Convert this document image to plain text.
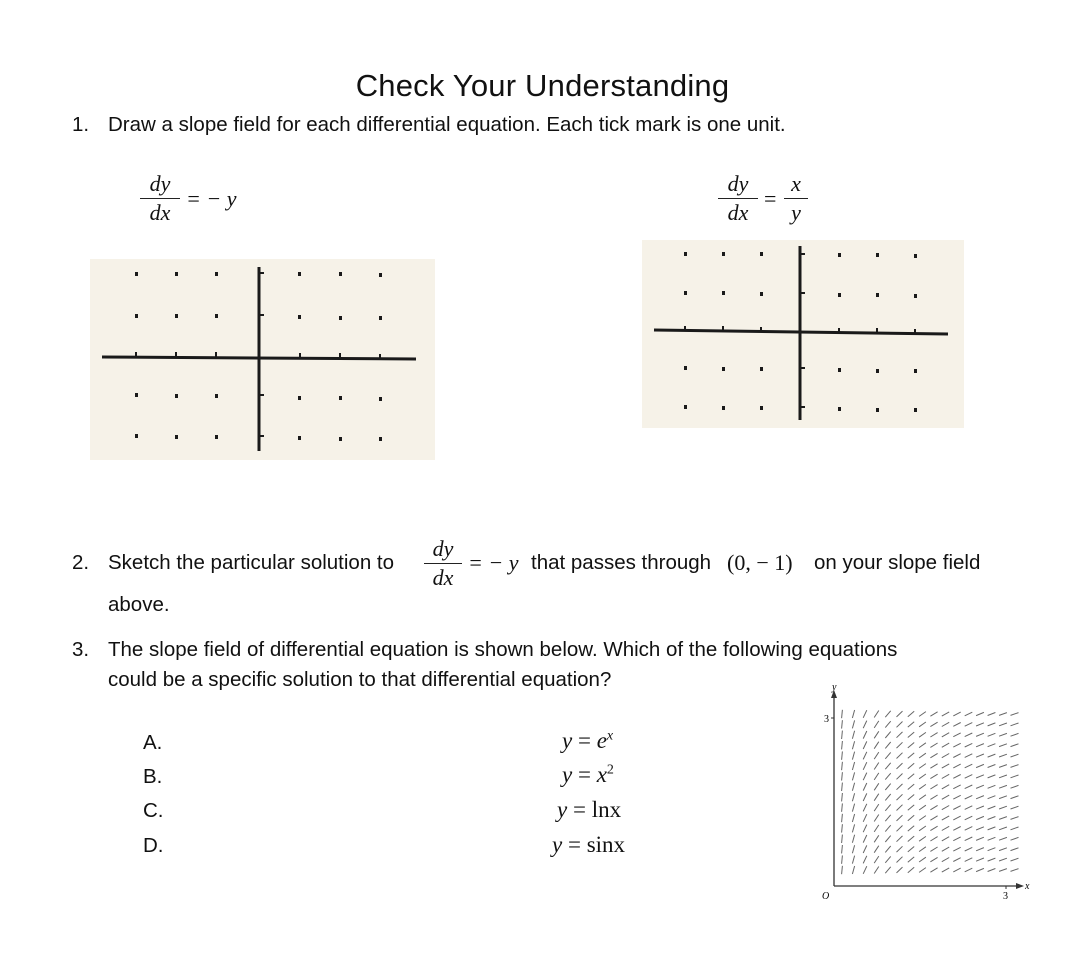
Check Your Understanding
1. Draw a slope field for each differential equation. Each tick mark is one unit.
$\frac{dy}{dx}$ = − y	$\frac{dy}{dx} = \frac{x}{y}$
2. Sketch the particular solution to $\frac{dy}{dx}$ = − y that passes through (0, − 1) on your slope field
above.
3. The slope field of differential equation is shown below. Which of the following equations
could be a specific solution to that differential equation?
A.
B.
C.
D.
$y = e^x$
$y = x^2$
y = lnx
y = sinx
y
x
O
3
3
